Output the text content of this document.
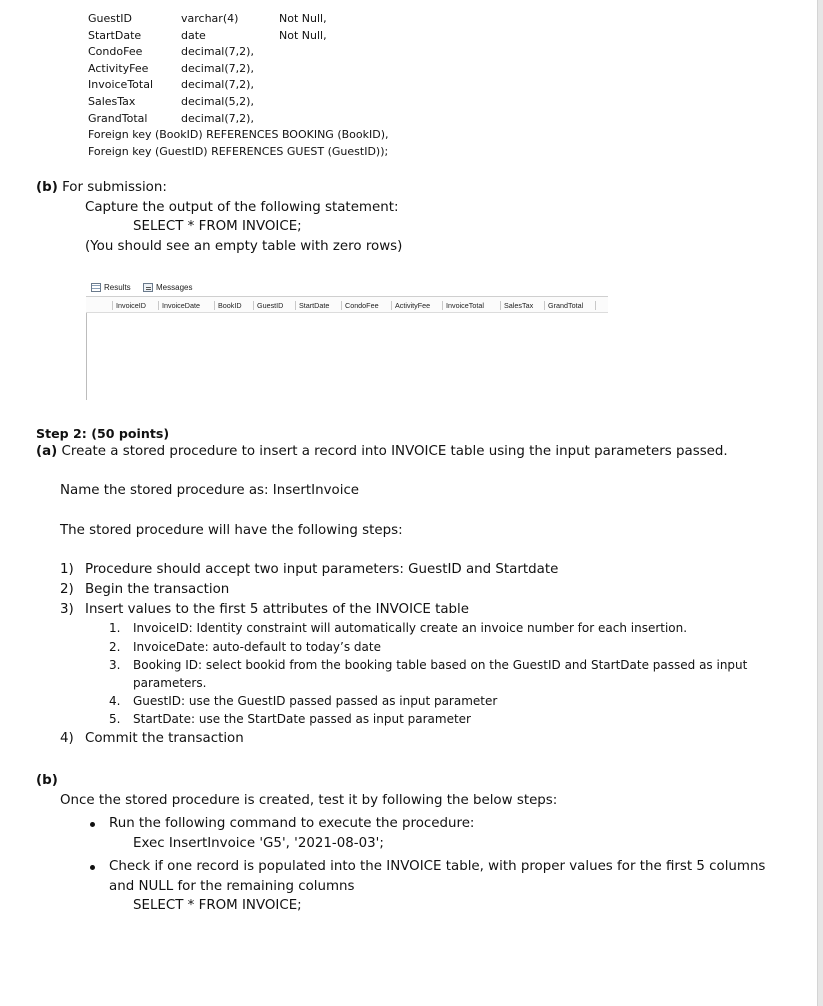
GuestID	varchar(4)	Not Null,
StartDate	date	Not Null,
CondoFee	decimal(7,2),
ActivityFee	decimal(7,2),
InvoiceTotal	decimal(7,2),
SalesTax	decimal(5,2),
GrandTotal	decimal(7,2),
Foreign key (BookID) REFERENCES BOOKING (BookID),
Foreign key (GuestID) REFERENCES GUEST (GuestID));
(b) For submission:
Capture the output of the following statement:
SELECT * FROM INVOICE;
(You should see an empty table with zero rows)
Results	Messages
InvoiceID	InvoiceDate	BookID	GuestID	StartDate	CondoFee	ActivityFee	InvoiceTotal	SalesTax	GrandTotal
Step 2: (50 points)
(a) Create a stored procedure to insert a record into INVOICE table using the input parameters passed.
Name the stored procedure as: InsertInvoice
The stored procedure will have the following steps:
1) Procedure should accept two input parameters: GuestID and Startdate
2) Begin the transaction
3) Insert values to the first 5 attributes of the INVOICE table
1. InvoiceID: Identity constraint will automatically create an invoice number for each insertion.
2. InvoiceDate: auto-default to today’s date
3. Booking ID: select bookid from the booking table based on the GuestID and StartDate passed as input
parameters.
4. GuestID: use the GuestID passed passed as input parameter
5. StartDate: use the StartDate passed as input parameter
4) Commit the transaction
(b)
Once the stored procedure is created, test it by following the below steps:
Run the following command to execute the procedure:
Exec InsertInvoice 'G5', '2021-08-03';
Check if one record is populated into the INVOICE table, with proper values for the first 5 columns
and NULL for the remaining columns
SELECT * FROM INVOICE;
